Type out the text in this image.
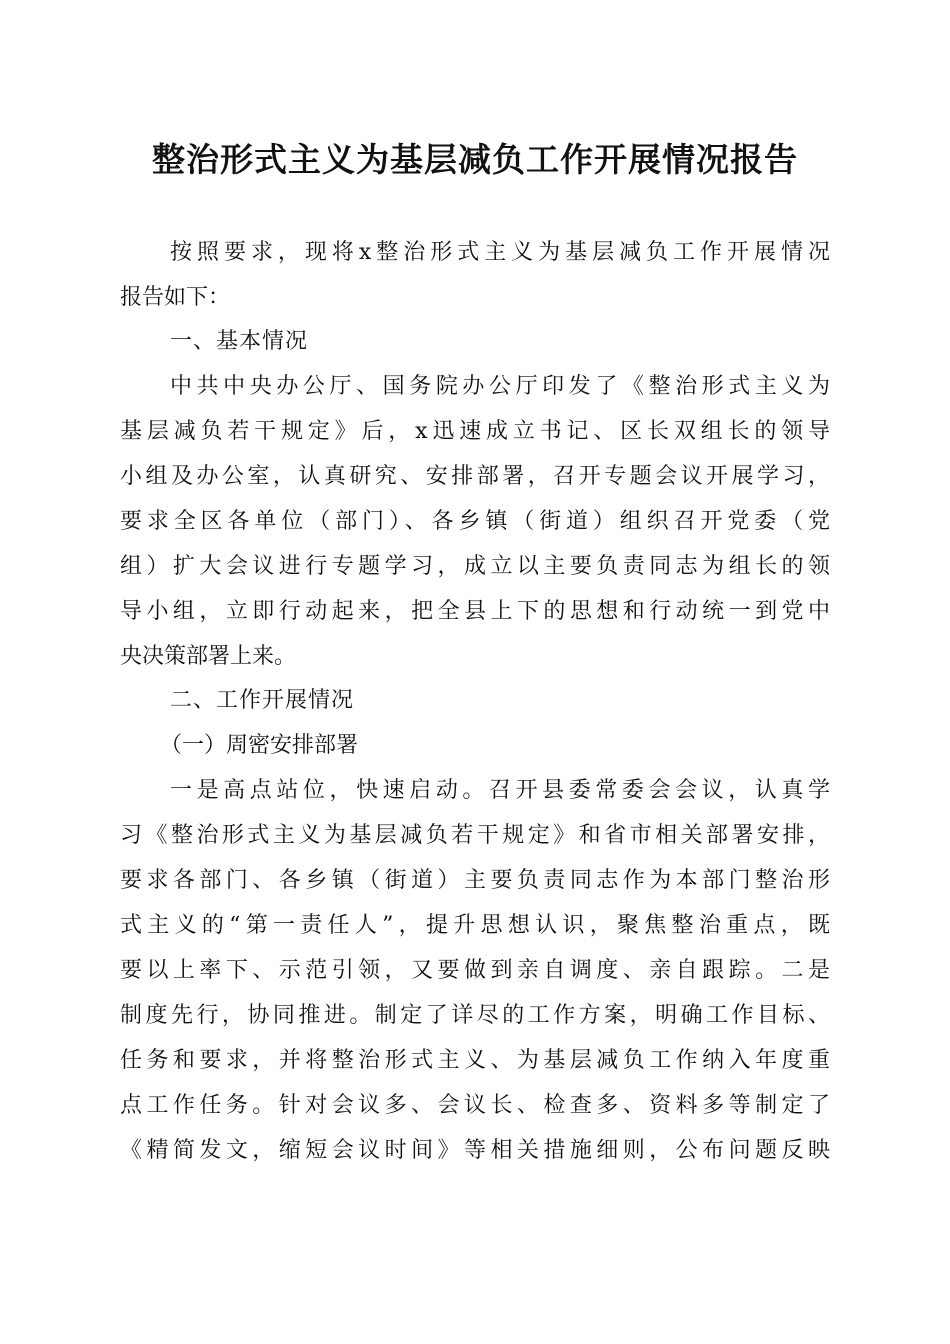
整治形式主义为基层减负工作开展情况报告
按照要求，现将x整治形式主义为基层减负工作开展情况
报告如下：
一、基本情况
中共中央办公厅、国务院办公厅印发了《整治形式主义为
基层减负若干规定》后，x迅速成立书记、区长双组长的领导
小组及办公室，认真研究、安排部署，召开专题会议开展学习，
要求全区各单位（部门）、各乡镇（街道）组织召开党委（党
组）扩大会议进行专题学习，成立以主要负责同志为组长的领
导小组，立即行动起来，把全县上下的思想和行动统一到党中
央决策部署上来。
二、工作开展情况
（一）周密安排部署
一是高点站位，快速启动。召开县委常委会会议，认真学
习《整治形式主义为基层减负若干规定》和省市相关部署安排，
要求各部门、各乡镇（街道）主要负责同志作为本部门整治形
式主义的“第一责任人”，提升思想认识，聚焦整治重点，既
要以上率下、示范引领，又要做到亲自调度、亲自跟踪。二是
制度先行，协同推进。制定了详尽的工作方案，明确工作目标、
任务和要求，并将整治形式主义、为基层减负工作纳入年度重
点工作任务。针对会议多、会议长、检查多、资料多等制定了
《精简发文，缩短会议时间》等相关措施细则，公布问题反映
